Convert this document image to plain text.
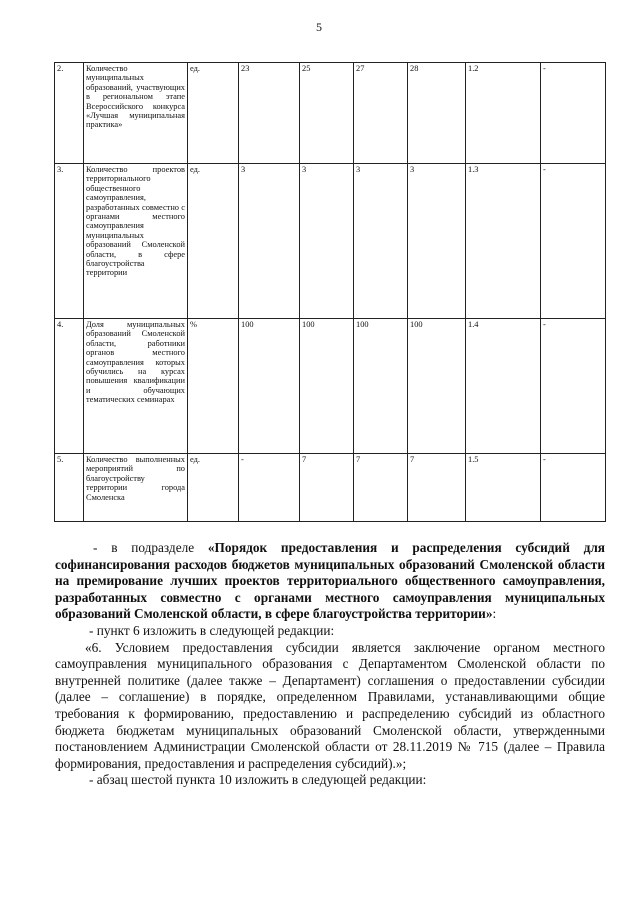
5
2.	Количество муниципальных образований, участвующих в региональном этапе Всероссийского конкурса «Лучшая муниципальная практика»	ед.	23	25	27	28	1.2	-
3.	Количество проектов территориального общественного самоуправления, разработанных совместно с органами местного самоуправления муниципальных образований Смоленской области, в сфере благоустройства территории	ед.	3	3	3	3	1.3	-
4.	Доля муниципальных образований Смоленской области, работники органов местного самоуправления которых обучились на курсах повышения квалификации и обучающих тематических семинарах	%	100	100	100	100	1.4	-
5.	Количество выполненных мероприятий по благоустройству территории города Смоленска	ед.	-	7	7	7	1.5	-

- в подразделе «Порядок предоставления и распределения субсидий для софинансирования расходов бюджетов муниципальных образований Смоленской области на премирование лучших проектов территориального общественного самоуправления, разработанных совместно с органами местного самоуправления муниципальных образований Смоленской области, в сфере благоустройства территории»:

- пункт 6 изложить в следующей редакции:

«6. Условием предоставления субсидии является заключение органом местного самоуправления муниципального образования с Департаментом Смоленской области по внутренней политике (далее также – Департамент) соглашения о предоставлении субсидии (далее – соглашение) в порядке, определенном Правилами, устанавливающими общие требования к формированию, предоставлению и распределению субсидий из областного бюджета бюджетам муниципальных образований Смоленской области, утвержденными постановлением Администрации Смоленской области от 28.11.2019 № 715 (далее – Правила формирования, предоставления и распределения субсидий).»;

- абзац шестой пункта 10 изложить в следующей редакции:
